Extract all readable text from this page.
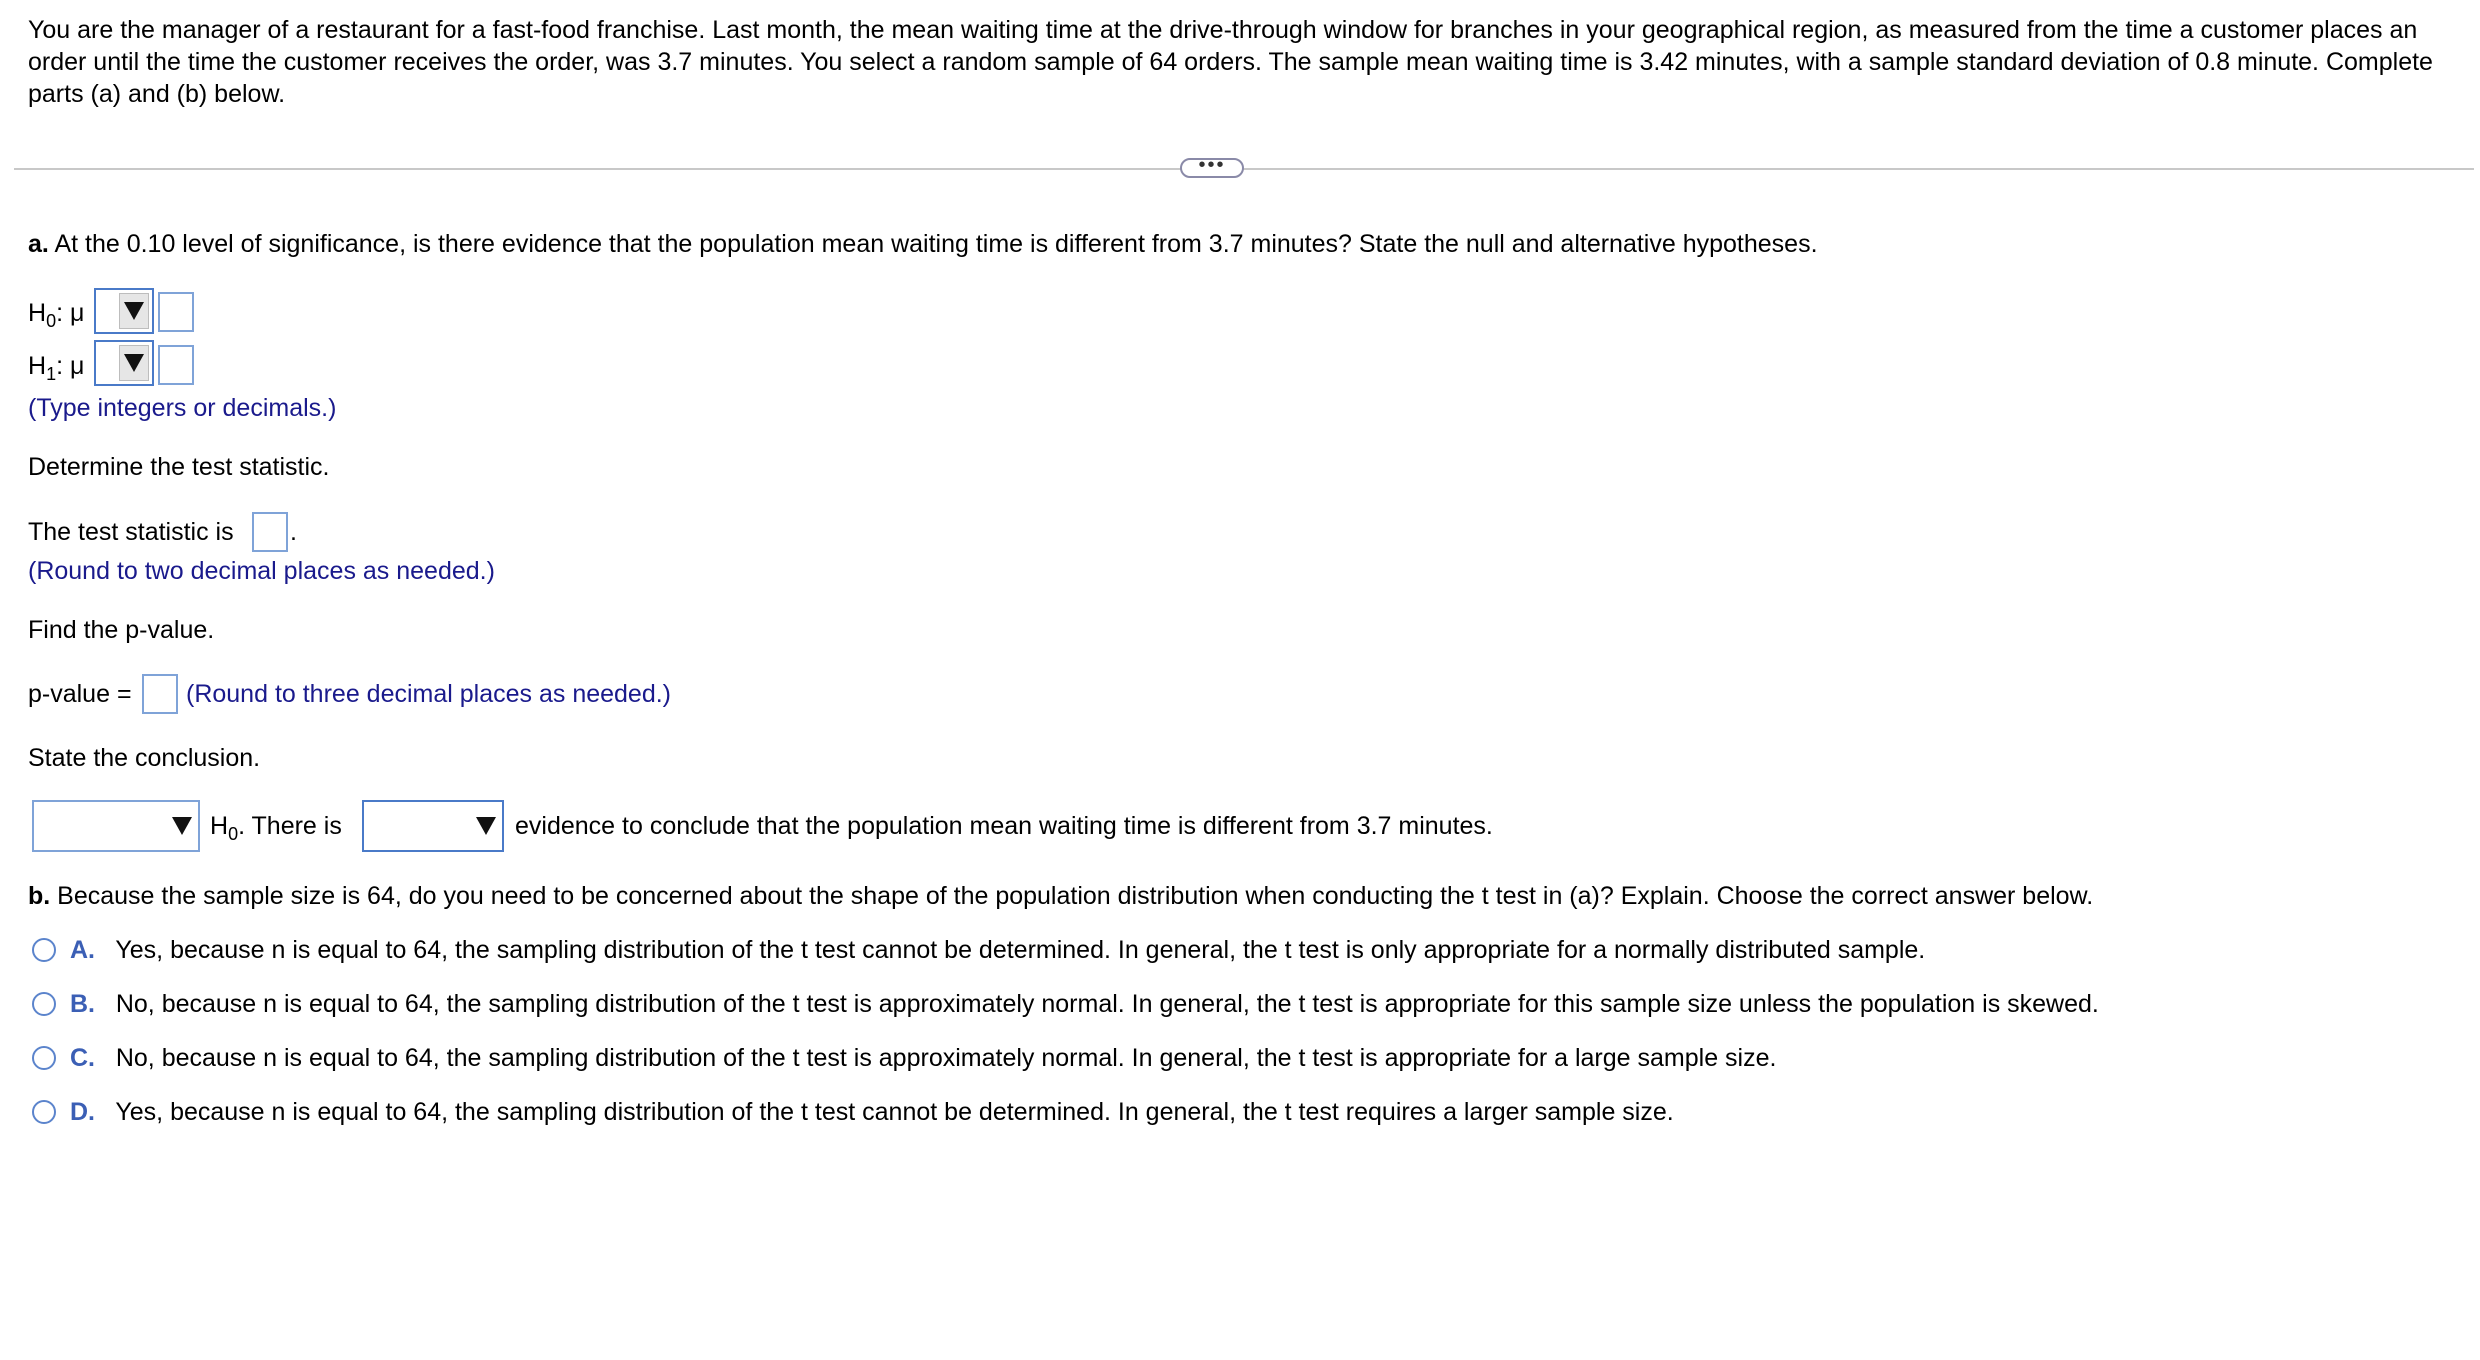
You are the manager of a restaurant for a fast-food franchise. Last month, the mean waiting time at the drive-through window for branches in your geographical region, as measured from the time a customer places an order until the time the customer receives the order, was 3.7 minutes. You select a random sample of 64 orders. The sample mean waiting time is 3.42 minutes, with a sample standard deviation of 0.8 minute. Complete parts (a) and (b) below.
•••
a. At the 0.10 level of significance, is there evidence that the population mean waiting time is different from 3.7 minutes? State the null and alternative hypotheses.
$H_0$: μ
$H_1$: μ
(Type integers or decimals.)
Determine the test statistic.
The test statistic is .
(Round to two decimal places as needed.)
Find the p-value.
p-value = (Round to three decimal places as needed.)
State the conclusion.
$H_0$. There is	evidence to conclude that the population mean waiting time is different from 3.7 minutes.
b. Because the sample size is 64, do you need to be concerned about the shape of the population distribution when conducting the t test in (a)? Explain. Choose the correct answer below.
A. Yes, because n is equal to 64, the sampling distribution of the t test cannot be determined. In general, the t test is only appropriate for a normally distributed sample.
B. No, because n is equal to 64, the sampling distribution of the t test is approximately normal. In general, the t test is appropriate for this sample size unless the population is skewed.
C. No, because n is equal to 64, the sampling distribution of the t test is approximately normal. In general, the t test is appropriate for a large sample size.
D. Yes, because n is equal to 64, the sampling distribution of the t test cannot be determined. In general, the t test requires a larger sample size.
